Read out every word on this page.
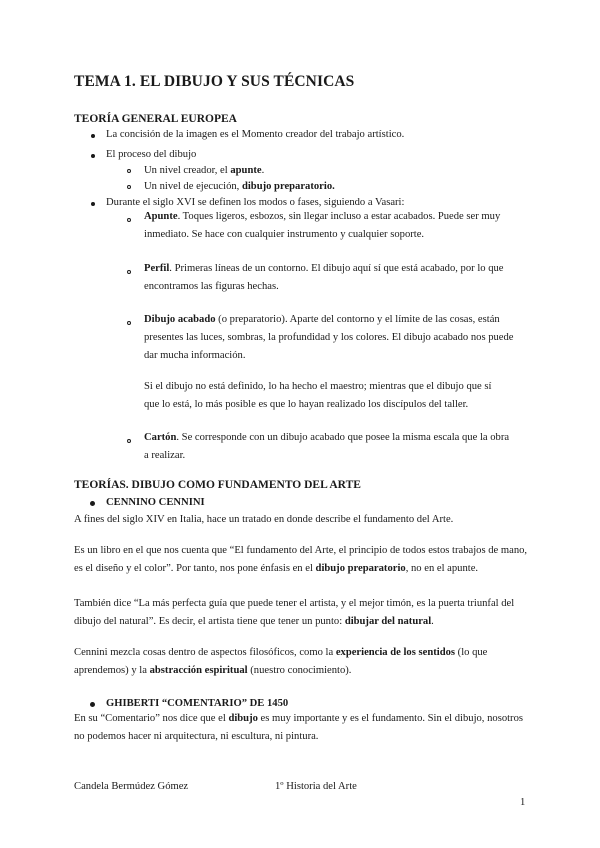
TEMA 1. EL DIBUJO Y SUS TÉCNICAS
TEORÍA GENERAL EUROPEA
La concisión de la imagen es el Momento creador del trabajo artístico.
El proceso del dibujo
Un nivel creador, el apunte.
Un nivel de ejecución, dibujo preparatorio.
Durante el siglo XVI se definen los modos o fases, siguiendo a Vasari:
Apunte. Toques ligeros, esbozos, sin llegar incluso a estar acabados. Puede ser muy inmediato. Se hace con cualquier instrumento y cualquier soporte.
Perfil. Primeras líneas de un contorno. El dibujo aquí sí que está acabado, por lo que encontramos las figuras hechas.
Dibujo acabado (o preparatorio). Aparte del contorno y el límite de las cosas, están presentes las luces, sombras, la profundidad y los colores. El dibujo acabado nos puede dar mucha información.
Si el dibujo no está definido, lo ha hecho el maestro; mientras que el dibujo que sí que lo está, lo más posible es que lo hayan realizado los discípulos del taller.
Cartón. Se corresponde con un dibujo acabado que posee la misma escala que la obra a realizar.
TEORÍAS. DIBUJO COMO FUNDAMENTO DEL ARTE
CENNINO CENNINI
A fines del siglo XIV en Italia, hace un tratado en donde describe el fundamento del Arte.
Es un libro en el que nos cuenta que “El fundamento del Arte, el principio de todos estos trabajos de mano, es el diseño y el color”. Por tanto, nos pone énfasis en el dibujo preparatorio, no en el apunte.
También dice “La más perfecta guía que puede tener el artista, y el mejor timón, es la puerta triunfal del dibujo del natural”. Es decir, el artista tiene que tener un punto: dibujar del natural.
Cennini mezcla cosas dentro de aspectos filosóficos, como la experiencia de los sentidos (lo que aprendemos) y la abstracción espiritual (nuestro conocimiento).
GHIBERTI “COMENTARIO” DE 1450
En su “Comentario” nos dice que el dibujo es muy importante y es el fundamento. Sin el dibujo, nosotros no podemos hacer ni arquitectura, ni escultura, ni pintura.
Candela Bermúdez Gómez	1º Historia del Arte
1
